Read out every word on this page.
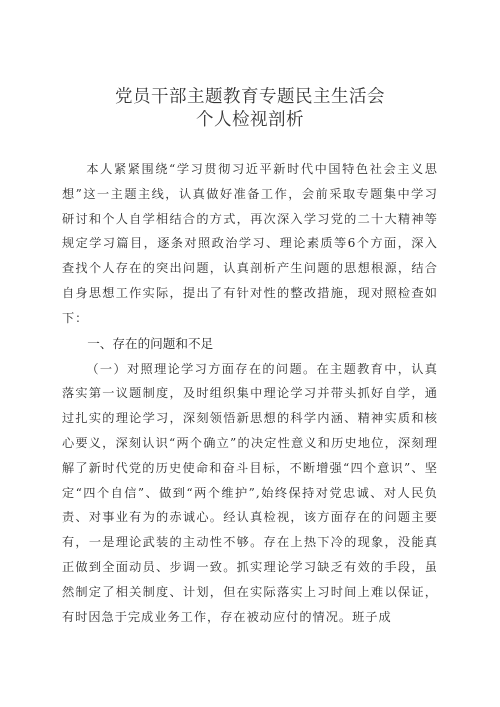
党员干部主题教育专题民主生活会
个人检视剖析

本人紧紧围绕“学习贯彻习近平新时代中国特色社会主义思想”这一主题主线，认真做好准备工作，会前采取专题集中学习研讨和个人自学相结合的方式，再次深入学习党的二十大精神等规定学习篇目，逐条对照政治学习、理论素质等6个方面，深入查找个人存在的突出问题，认真剖析产生问题的思想根源，结合自身思想工作实际，提出了有针对性的整改措施，现对照检查如下：

一、存在的问题和不足

（一）对照理论学习方面存在的问题。在主题教育中，认真落实第一议题制度，及时组织集中理论学习并带头抓好自学，通过扎实的理论学习，深刻领悟新思想的科学内涵、精神实质和核心要义，深刻认识“两个确立”的决定性意义和历史地位，深刻理解了新时代党的历史使命和奋斗目标，不断增强“四个意识”、坚定“四个自信”、做到“两个维护”,始终保持对党忠诚、对人民负责、对事业有为的赤诚心。经认真检视，该方面存在的问题主要有，一是理论武装的主动性不够。存在上热下冷的现象，没能真正做到全面动员、步调一致。抓实理论学习缺乏有效的手段，虽然制定了相关制度、计划，但在实际落实上习时间上难以保证，有时因急于完成业务工作，存在被动应付的情况。班子成
